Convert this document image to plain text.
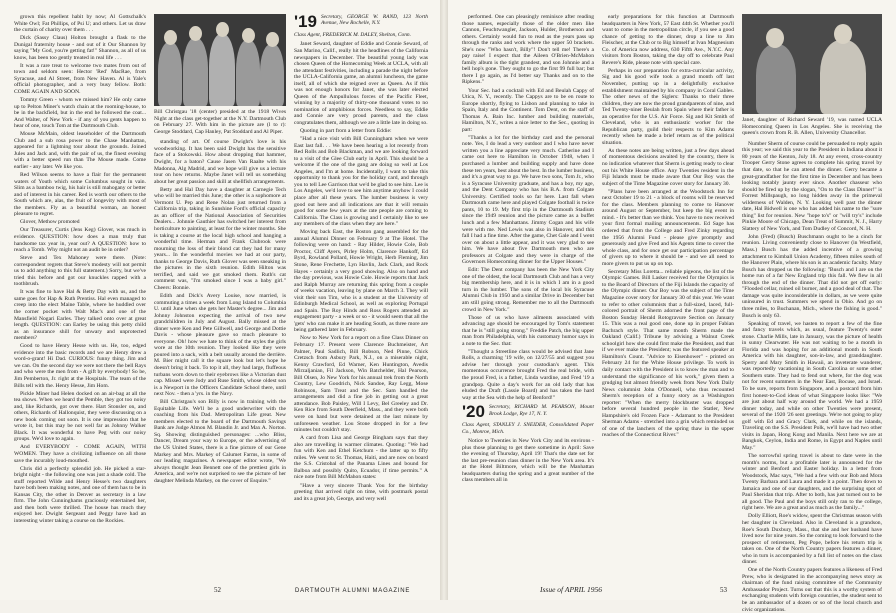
grown this repellent habit by now; Al Gottschalk's White Owl; Fat Phillips, of Psi U; and others. Let us draw the curtain of charity over them . . .

Dick (Sassy Claus) Holton brought a flask to the Dunigal fraternity house - and out of it Our Shannon by saying "My God, you're getting fat!" Shannon, as all of us know, has been too gently treated in real life . . .

It was a rare treat to welcome two mates from out of town and seldom seen: Hector 'Red' MacRae, from Syracuse, and Al Street, from New Haven. Al is Yale's official photographer, and a very busy fellow. Both: COME AGAIN AND SOON.

Tommy Green - whom we missed him? He only came up to Pelton Miner's watch chain at the rooming-house, to be in the backfield, but in the end he followed the coat... And Walter, of New York - if any of you gents happen to hear of one, touch Tom at the Dartmouth Club.

Mouse McMain, oldest leaseholder of the Dartmouth Club and a sub rosa power to the Chase Manhattan, appeared for a lightning tour about the grounds. Joined Jules and Jack and, with the pair of us, the finest evening with a better speed run than The Mouse made. Come earlier - any later. We like you.

Red Wilson seems to have a flair for the permanent waters of Youth which some Columbus sought in vain. Slim as a bamboo twig, his hair is still mahogany or better and of interest in his career. Red is worth our others to the South which are, alas, the fruit of longevity with most of the members. Fly as a beautiful woman, an honest pleasure to regret.

Glover, Methow promoted

Our Treasurer, Curtis (Jens Keg) Glover, was much in evidence. QUESTION: how does a man truly that handsome tax year in, year out? A QUESTION: how to reach a Tomb. Why might not an audit be in order?

Steve and Tex Mahoney were there. (Note: correspondent regrets that Steve's modesty will not permit us to add anything to this full statement.) Sorry, but we've tried this before and got our knuckles rapped with a toothbrush.

It was fine to have Hal & Betty Day with us, and the same goes for Hap & Ruth Prentiss. Hal even managed to creep into the elect Maine Table, where he huddled over the corner pocket with Walt Mac's and one of the Mansfield Nogari Earles. They talked onto over at great length. QUESTION: can Earley be using this petty child as an insurance shill for unwary and unprotected members?

Good to have Henry Hesse with us. He, too, edged evidence into the basic records and we are Henry drew a word-o-grant! Hi Dad. CURIOUS: funny thing. Jim and we can. On the second day we were not there the bell Rays and who were the men from - A gift by everybody! So be, Jim Pemberton, Jr. right at the Hospitals. The team of the Bills tell with the. Henry Hesse, Jim Hom.

Pickle Miner had Helen docked on an air-bag at all the tea shows. When we heard the Pemble, they got too noisy and, like Richards, got over there. Hart Stonsler on, and others, Richards of Hallonquist, they were discussing on a new book coming out soon. It is one impression that he wrote it, but this may be not well far as Johnny Walker Black. It was wonderful to have Peg with our noisy groups. We'd love to again.

And EVERYBODY - COME AGAIN, WITH WOMEN. They have a civilizing influence on all those save the incurably loud-mouthed.

Chris did a perfectly splendid job. He picked a star-bright night - the following one was just a shade cold. The stuff reported Wilde and Henry Hesse's two daughters have both been making notes, and one of them has to be in Kansas City, the other in Denver as secretary in a law firm. The John Cunninghams graciously entertained her, and then both were thrilled. The house has much they enjoyed her. Dwight Sergeant and Peggy have had an interesting winter taking a course on the Rockies.

Bill Christgau '18 (center) presided at the 1918 Wives Night at the class get-together at the N.Y. Dartmouth Club on February 27. With him in the picture are (l to r): George Stoddard, Cap Hanley, Pat Stoddard and Al Piper.

standing of art. Of course Dwight's love is his woodworking. It has been said Dwight has the sensitive face of a Stokowski. How about dropping that hammer, Dwight, for a baton? Cause Jasen Van Raalte with his Madonna, Alg Madrid, and we hope will give us a lecture tour on how returns. Maybe Janet will tell us something about her great passion and skill at shellfish arrangements.

Betty and Hal Day have a daughter at Carnegie Tech who will be married this June; the other is a sophomore at Vermont U. Pep and Rene Nolan just returned from a California trip, taking in Sunshine Ford's official capacity as an officer of the National Association of Securities Dealers... Johnnie Gauthier has switched her interest from horticulture to painting, at least for the winter months. She is taking a course at the local high school and hanging a wonderful time. Herman and Frank Clubrook were mourning the loss of their blond cat they had for many years... In the wonderful movies we had at our party, thanks to George Davis, Ruth Glover was seen sneaking in the pictures in the sixth reunion. Edith Hilton was terrified, and said we got smoked them. Ruth's cat comment was, "I'm smoked since I was a baby girl." Cheers: Bonnie.

Edith and Dick's Avery Louise, now married, is commuting a times a week from Long Island to Columbia U. until June when she gets her Master's degree... Jim and Johnny Johnston expecting the arrival of two new grandchildren in July and August. Bally missed at the dinner were Ken and Pete Gillwell, and George and Dottie Davis - whose pleasure gave so much pleasure to everyone. Oh! how we hate to think of the styles the girls wore at the 10th reunion. They looked like they were poured into a sack, with a belt usually around the derrière. M. Bier might call it the square look but let's hope he doesn't bring it back. To top it all, they had large, fluffeous turbans worn down to their eyebrows like a Victorian dust cap. Missed were Jody and Ruse Smith, whose oldest son is a Newport in the Officers Candidate School there, until next Nov. - then a 'yrs. in the Navy.

Bill Christgau's son Billy is now in training with the Equitable Life. We'll be a good underwriter with the coaching from his Dad. Metropolitan Life great. New members elected to the board of the Dartmouth Savings Bank are Judge Almon M. Blandin Jr. and Max A. Norton. Sq. Showing distinguished personages: ...who Bliss, Dancer, Dream your way to Europe, or the advertising of the US United States, there is a fine picture of our Gene Markey and Mrs. Markey of Calumet Farms, in some of our leading magazines. A newspaper editor wrote, "We always thought Jean Bennett one of the prettiest girls in America, and we're not surprised to see the picture of her daughter Melinda Markey, on the cover of Esquire."

'19 Secretary, GEORGE W. RAND, 123 North Avenue, New Rochelle, N.Y.
Class Agent, FREDERICK M. DALEY, Shelton, Conn.

Janet Seward, daughter of Eddie and Connie Seward, of San Marino, Calif., really hit the headlines of the California newspapers in December. The beautiful young lady was chosen Queen of the Homecoming Week at UCLA, with all the attendant festivities, including a parade the night before the UCLA-California game, an alumni luncheon, the game itself, all of which she reigned over as Queen. As if this was not enough honors for Janet, she was later elected Queen of the Ampullulous forces of the Pacific Fleet, winning by a majority of thirty-one thousand votes to no nomination of amphibious forces. Needless to say, Eddie and Connie are very proud parents, and the class congratulates them, although we are a little late in doing so.

Quoting in part from a letter from Eddie:

"Had a nice visit with Bill Cunningham when we were East last fall. . . We have been hearing a lot recently from Red Rolls and Bob Blackman, and we are looking forward to a visit of the Glee Club early in April. This should be a welcome if the one of the gang are doing so well at Los Angeles, and I'm at home. Incidentally, I want to take this opportunity to thank you for the holiday card, and through you to tell Lee Garrison that we'd be glad to see him. Lee is Los Angeles, we'd love to see him anytime anyhow I could place after all these years. The lumber business is very good out here and all indications are that it will remain good for some few years at the rate people are coming to California. The Class is growing and I certainly like to see any members of the class when they are here."

Moving back East, the Boston gang assembled for the annual Alumni Dinner on February 9 at The Hotel. The following were on hand: - Ray Hilder, Howie Cole, Bob Proctor, Cliff Ayers, Pirley Holm, Clarence Hankoff, Ed Byrd, Rowland Pollard, Howie Wright, Herb Fleming, Jim Stone, Rene Frechette, Lyn Havlin, Jack Clark, and Rock Hayes - certainly a very good showing. Also on hand and the day previous, was Howie Cole. Howie reports that Jack and Ralph Murray are returning this spring from a couple of weeks vacation, leaving by plane on March 3. They will visit their son Tim, who is a student at the University of Edinburgh Medical School, as well as exploring Portugal and Spain. The Roy Hinds and Ross Rogers attended an engagement party - a week or so - it would seem that all the 'gets' who can make it are heading South, as three more are being gathered later in February.

Now to New York for a report on a fine Class Dinner on February 17. Present were Clarence Buchmeister, Art Palmer, Paul Sadlich, Bill Robson, Ned Pinne, Chick Cretzsch from Asbury Park, N.J., on a miserable night, Kenny Crawford, Ed Warner, Ken Huntington, Avedis Mirzaljanian, Fil Jackson, Win Batchelder, Hal Pearson, Bill Olsen, Jo New York for his annual trek from the North Country, Lew Goodrich, Nick Sandoe, Ray Legg, Mose Robinson, Sam Treat and the Sec. Sam handled the arrangements and did a fine job in getting out a great attendance. Bob Paisley, Will I Levy, Bel Greeley and Dr. Ken Rice from South Deerfield, Mass., and they were both were on hand but were detained at the last minute by unforeseen weather. Lou Stone dropped in for a few minutes but couldn't stay.

A card from Lisa and George Bingham says that they also are travelling in warmer climates. Quoting: "We had fun with Ken and Ethel Ketchum - the latter up to fifty miles. We went to St. Thomas, Haiti, and are now on board the S.S. Cristobal of the Panama Lines and bound for Balboa and possibly Quito, Ecuador, if time permits." A nice note from Bill McMahon states:

"Have a very sincere Thank You for the birthday greeting that arrived right on time, with postmark postal and its a great job, George, and very well

52	DARTMOUTH ALUMNI MAGAZINE

performed. One can pleasingly reminisce after reading those names, especially those of the older men like Cannon, Feuchtwangler, Jackson, Hulder, Brotherson and others. Certainly would fun to read as the years pass up through the ranks and work where the upper 50 brackets. She's now "Who hasn't, Billy"! Don't tell me! There's a pay raise! I expect that the Aileen O'Brien-McMahon family album is the tight grandest, and son Johnnie and a bell hop's gone. They ought to go the first 99 full bar; but there I go again, as I'd better say Thanks and on to the Ripkens."

Your Sec. had a cocktail with Ed and Beulah Cappy of Utica, N. Y., recently. The Cappys are to be en route to Europe shortly, flying to Lisbon and planning to take in Spain, Italy and the Continent. Tom Dent, on the staff of Thomas A. Bain Inc. lumber and building materials, Hamilton, N.Y., writes a nice letter to the Sec., quoting in part:

"Thanks a lot for the birthday card and the personal note. Yes, I do lead a very outdoor and I who have never written you a line appreciate very much. Catherine and I came out here to Hamilton in October 1948, when I purchased a lumber and building supply and have done these ten years, best about the best. In the lumber business, and it's a great way to go. We have two sons, Tom Jr., who is a Syracuse University graduate, and has a boy, my age, and the Dent Company who has his B.A. from Colgate University. Certified tools so far here. Last fall when Dartmouth came here and played Colgate football is twice pants, 10 to 19. My first trip in the Dartmouth Stadium since the 1949 reunion and the picture came as a buffet lunch and a few Manhattans. Jimmy Cogan and his wife were with me. Ned Lewis was also in Hanover, and this fall I had a fine time. After the game, Chet Gale and I went over on about a little appear, and it was very glad to see him. We have about five Dartmouth men who are professors at Colgate and they were in charge of the Governors Homecoming dinner for the Upper Houses."

Edit: The Dent company has been the New York City one of the oldest, the local Dartmouth Club and has a very big membership here, and it is in which I am in a good turn in the lumber. The sons of the local bis Syracuse Alumni Club in 1950 and a similar Drive in December but am still going strong. Remember me to all the Dartmouth crowd in New York."

Those of us who have ailments associated with advancing age should be encouraged by Tom's statement that he is "still going strong." Freddie Patch, the big upper man from Philadelphia, with his customary humor says in a note to the Sec. that:

"Thought a Streetline class would be advised that Jane Rolls, a charming '19 wife, on 12/27/55 and suggest you advise her through your custodian's agent. This momentous occurrence brought Fred the real bride, with the proud Fred, is a father, Linda wardine, and Fred '19 a grandpop. Quite a day's work for an old lady that has eluded the Draft (Lassie Board) and has taken the hard way at the Sea with the help of Benford!"

'20 Secretary, RICHARD M. PEARSON, Mount Brook Lodge, Rye 17, N. Y.
Class Agent, STANLEY J. SNEIDER, Consolidated Paper Co., Monroe, Mich.

Notice to Twenties in New York City and its environs - plus those planning to get there sometime in April: Save the evening of Thursday, April 19! That's the date set for the last pre-reunion class dinner in the New York area. It's at the Hotel Biltmore, which will be the Manhattan headquarters during the spring and a great number of the class members all in

early preparations for this function at Dartmouth headquarters in New York, 57 East 44th St. Whether you'll want to come in the metropolitan circle, if you see a good chance of getting to the dinner, drop a line to Jim Fleischer, at the Club or to Big himself at Ivan Magnesium Co. of America now address, 630 Fifth Ave., N.Y.C. Any visitors from Boston, taking the day off to celebrate Paul Revere's Ride, please note with special care.

Perhaps in our preparation for extra-curricular activity, Sig and his good wife took a grand month off last November, putting up in a delightfully exclusive establishment maintained by his company in Coral Gables. The other news of the Siglers: Thanks to their three children, they are now the proud grandparents of nine, and Ted Twenty-niner Beulah from Spain where their father is an operative for the U.S. Air Force. Sig and Kit Smith of Cleveland, who is an enthusiastic worker for the Republican party, guild their respects to Kim Adams recently when he made a brief return as of the political situation.

As these notes are being written, just a few days ahead of momentous decisions awaited by the country, there is no indication whatever that Sherm is getting ready to clear out his White House office. Any Twenties resident in the Fiji Islands must be made aware that Our Boy was the subject of the Time Magazine cover story for January 30.

"Plans have been arranged at the Woodstock Inn for next October 19 to 21 - a block of rooms will be reserved for the class. Members planning to come to Hanover around August or September, but keep the big event in mind. - It's better than we think. You have to now received your first formal mailing announcements. Ed Sage has ordered that from the College and Fred Zinky regarding the 1956 Alumni Fund - please give promptly and generously and give Fred and his Agents time to cover the whole class, and for once get our participation percentage of givers up to where it should be - and we all need to more givers to put us up on top.

Secretary Miss Loretta... reliable pigeons, the list of the Olympic Games. Bill Lasker received for the Olympics is to the Board of Directors of the Fiji Islands the capacity of the Olympic dinner. Our Boy was the subject of the Time Magazine cover story for January 30 of this year. We want to refer to other columnists that a full-sized, laced, full-colored portrait of Sherm adorned the front page of the Boston Sunday Herald Rotogravure Section on January 15. This was a real good one, done up in proper Fabian Bachrach style. That same month Sherm made the Oakland (Calif.) Tribune by advising a Walnut Creek schoolgirl how she could first make the President, and that if we ever make the President; was the featured speaker at Hamilton's Count. "Advice to Eisenhower" - printed on February 24 for the White House privilege. To work in daily contact with the President is to know the man and to understand the significance of his work," given them a grudging but almost friendly week from New York Daily News columnist John O'Donnell, who thus recounted Sherm's reception of a funny story as a Washington reporter: "When the merry blockbuster was dropped before several hundred people in the Statler, New Hampshire's old Frozen Face - Adamant to the President Sherman Adams - stretched into a grin which reminded us of one of the lanchers of the spring thaw in the upper reaches of the Connecticut River."

Janet, daughter of Richard Seward '19, was named UCLA Homecoming Queen in Los Angeles. She is receiving the queen's crown from R. B. Allen, University Chancellor.

Number Sherm of course could be persuaded to reply again this year; we said this year to the President in Indiana about it 80 years of the Kenton, July 18. At any event, cross-country Trooper Gerry Stone agrees to complete his spring travel by that date, so that he can attend the dinner. Gerry became a great-grandfather for the first time in December and has been looking notably jaunty ever since. Another chasseur who should be fired up by the slogan, "On to the Class Dinner!" is Forrest Millspaugh, no long hidden away in the primeval wilderness of Walden, N. Y. Looking well past the dinner date, Hal Bidwell is one who has added his name to the "sure thing" list for reunion. New "hope to's" or "will try's" include Pinkie Moore of Chicago, Dean Treat of Summit, N. J., Harry Slattery of New York, and Tom Dudley of Concord, N. H.

John (Fred) (Busch) Buschmann ought to be a cinch for reunion. Living conveniently close to Hanover (in Westfield, Mass.) Busch has the added incentive of a growing attachment to Kimball Union Academy, fifteen miles south of the Hanover Plain, where his son is an academic faculty. Mary Busch has dropped us the following: "Busch and I are on the home run of a far New England trip this fall. We flew in all through the end of the dinner. That did not get off early: "Flooded cellar, ruined oil burner, and a good deal of that. The damage was quite inconsiderable in dollars, as we were quite uninsured in trust. Summers we spend in Ohio. And go on three miles, to Buchanan, Mich., where the fishing is good." Busch is only 63.

Speaking of travel, we hasten to report a few of the fine and fancy travels which, as usual, feature Twenty's outer stone. Charlie Mills, late in January, was the picture of health in sunny Clearwater. He was not waiting to be a month in Florida and was hoping for an additional month in South America with his daughter, son-in-law, and granddaughter. Sperry and Mary Smith in Hawaii, an inveterate wanderer, was reportedly vacationing in South Carolina or some other Southern state. They had to fend out where, for the dog was not for recent summers in the Near East, Bocuse, and Israel. To be sure, reports from Singapore, and a postcard from him first honest-to-God ideas of what Singapore looks like: "We are just about half way around the world. We had a 1959 dinner today, and while on other Twenties were present, several of the 1920 '26 sent greetings. We're not going to play golf with Ed and Gracy Clark, and while on the islands, Traveling on the S.S. President Polk, we'll have had two other visits in Japan, Hong Kong and Manila. Next here we are at Bangkok, Ceylon, India and Rome, in Egypt and Naples until May."

The sorrowful spring travel is about to date were in the month's norms, but a profitable later is announced for the winter and Benford and Easter holiday. In a letter from Woodstock, Mac says, "We had a few with our Bob and Mora Twenty Barbara and Laura and made it a point. Then down to Jamaica and one of our daughters, and the surprising spot of Paul Sheridan that trip. After to both, has just turned out to be all good. The Paul and the boys still only ran to the college, right here. We are a great and as much as the family..."

Dolly Elliott, Roe's widow, spent the Christmas season with her daughter in Cleveland. Also in Cleveland is a grandson, Roe's South Duxbury, Mass., that she and her husband have lived now for nine years. So the coming to look forward to the prospect of retirement, Peg Pope, before his return trip is taken on. One of the North Country papers features a dinner, who in turn is accompanied by a full list of notes on the class dinner.

One of the North Country papers features a likeness of Fred Prew, who is designated in the accompanying news story as chairman of the fund raising committee of the Community Ambassador Project. Turns out that this is a worthy system of exchanging students with foreign countries, the student sent to be an ambassador of a dozen or so of the local church and civic organizations.

Issue of APRIL 1956	53
